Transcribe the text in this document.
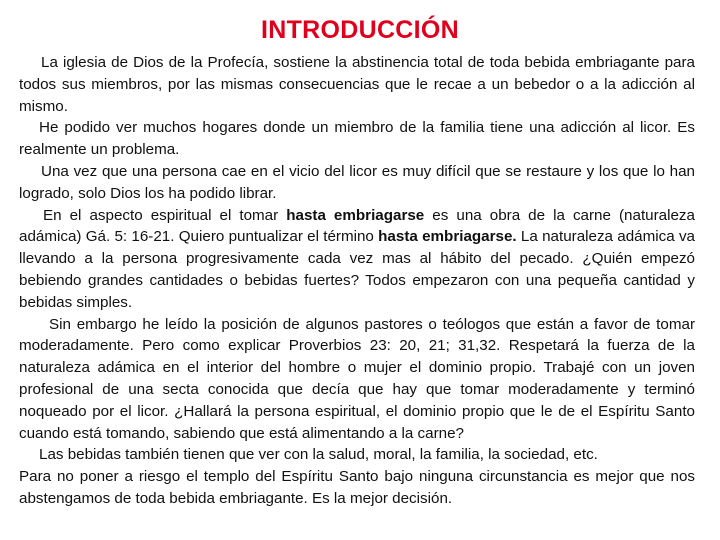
INTRODUCCIÓN

La iglesia de Dios de la Profecía, sostiene la abstinencia total de toda bebida embriagante para todos sus miembros, por las mismas consecuencias que le recae a un bebedor o a la adicción al mismo.

He podido ver muchos hogares donde un miembro de la familia tiene una adicción al licor. Es realmente un problema.

Una vez que una persona cae en el vicio del licor es muy difícil que se restaure y los que lo han logrado, solo Dios los ha podido librar.

En el aspecto espiritual el tomar hasta embriagarse es una obra de la carne (naturaleza adámica) Gá. 5: 16-21. Quiero puntualizar el término hasta embriagarse. La naturaleza adámica va llevando a la persona progresivamente cada vez mas al hábito del pecado. ¿Quién empezó bebiendo grandes cantidades o bebidas fuertes? Todos empezaron con una pequeña cantidad y bebidas simples.

Sin embargo he leído la posición de algunos pastores o teólogos que están a favor de tomar moderadamente. Pero como explicar Proverbios 23: 20, 21; 31,32. Respetará la fuerza de la naturaleza adámica en el interior del hombre o mujer el dominio propio. Trabajé con un joven profesional de una secta conocida que decía que hay que tomar moderadamente y terminó noqueado por el licor. ¿Hallará la persona espiritual, el dominio propio que le de el Espíritu Santo cuando está tomando, sabiendo que está alimentando a la carne?

Las bebidas también tienen que ver con la salud, moral, la familia, la sociedad, etc.

Para no poner a riesgo el templo del Espíritu Santo bajo ninguna circunstancia es mejor que nos abstengamos de toda bebida embriagante. Es la mejor decisión.
